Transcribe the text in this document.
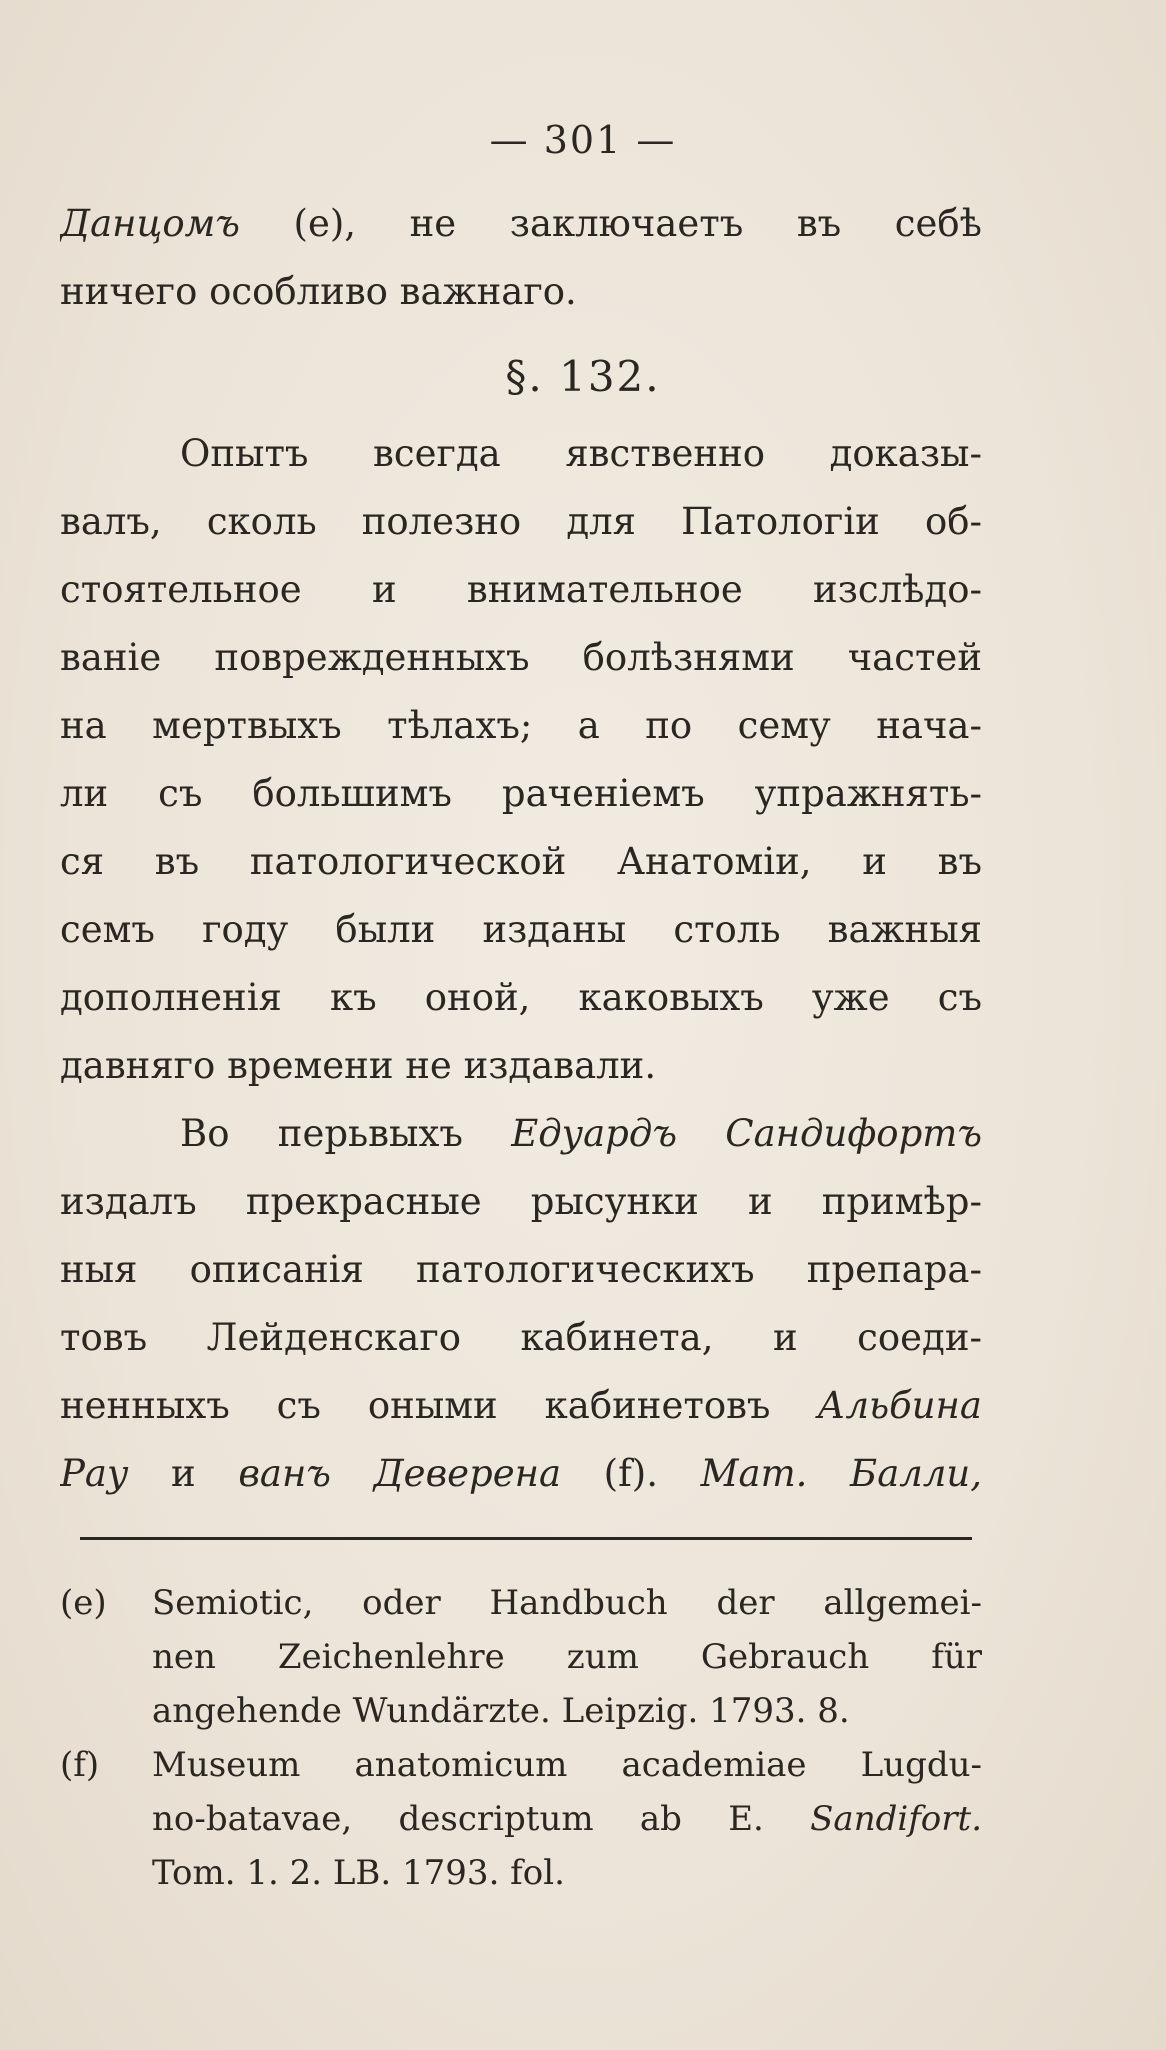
— 301 —
Данцомъ (e), не заключаетъ въ себѣ
ничего особливо важнаго.
§. 132.
Опытъ всегда явственно доказы-
валъ, сколь полезно для Патологіи об-
стоятельное и внимательное изслѣдо-
ваніе поврежденныхъ болѣзнями частей
на мертвыхъ тѣлахъ; а по сему нача-
ли съ большимъ раченіемъ упражнять-
ся въ патологической Анатоміи, и въ
семъ году были изданы столь важныя
дополненія къ оной, каковыхъ уже съ
давняго времени не издавали.
Во перьвыхъ Едуардъ Сандифортъ
издалъ прекрасные рысунки и примѣр-
ныя описанія патологическихъ препара-
товъ Лейденскаго кабинета, и соеди-
ненныхъ съ оными кабинетовъ Альбина
Рау и ванъ Деверена (f). Мат. Балли,
(e) Semiotic, oder Handbuch der allgemei-
nen Zeichenlehre zum Gebrauch für
angehende Wundärzte. Leipzig. 1793. 8.
(f) Museum anatomicum academiae Lugdu-
no-batavae, descriptum ab E. Sandifort.
Tom. 1. 2. LB. 1793. fol.
